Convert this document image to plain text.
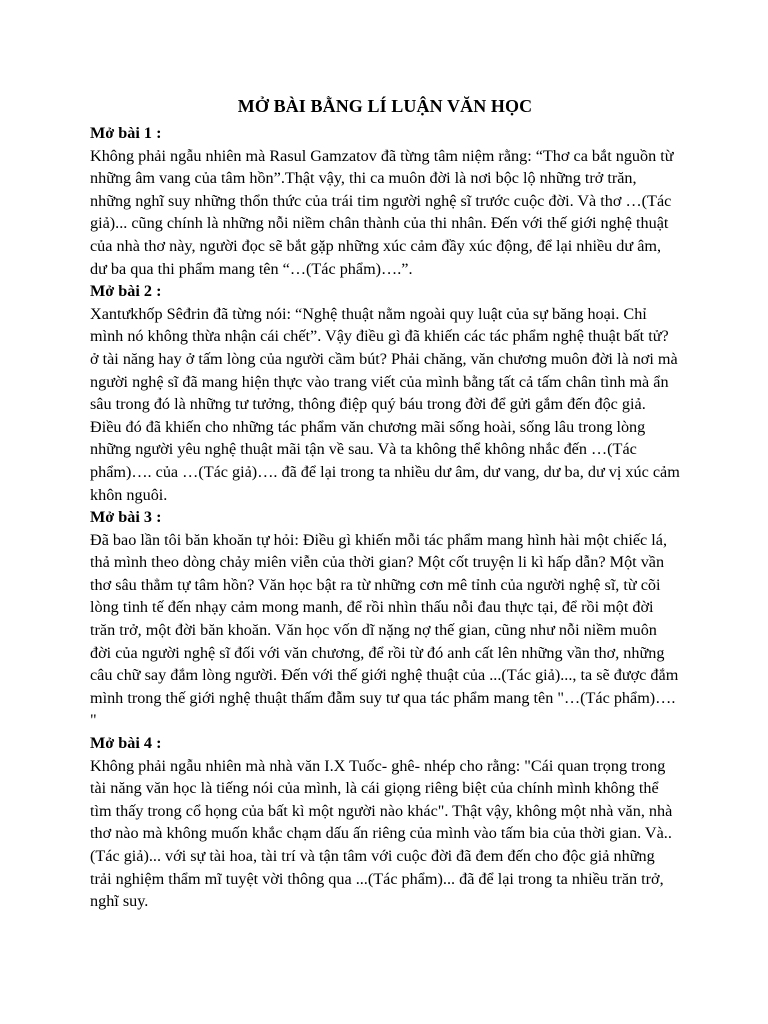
MỞ BÀI BẰNG LÍ LUẬN VĂN HỌC

Mở bài 1 :

Không phải ngẫu nhiên mà Rasul Gamzatov đã từng tâm niệm rằng: “Thơ ca bắt nguồn từ những âm vang của tâm hồn”.Thật vậy, thi ca muôn đời là nơi bộc lộ những trở trăn, những nghĩ suy những thổn thức của trái tim người nghệ sĩ trước cuộc đời. Và thơ …(Tác giả)... cũng chính là những nỗi niềm chân thành của thi nhân. Đến với thế giới nghệ thuật của nhà thơ này, người đọc sẽ bắt gặp những xúc cảm đầy xúc động, để lại nhiều dư âm, dư ba qua thi phẩm mang tên “…(Tác phẩm)….”.

Mở bài 2 :

Xantưkhốp Sêđrin đã từng nói: “Nghệ thuật nằm ngoài quy luật của sự băng hoại. Chỉ mình nó không thừa nhận cái chết”. Vậy điều gì đã khiến các tác phẩm nghệ thuật bất tử? ở tài năng hay ở tấm lòng của người cầm bút? Phải chăng, văn chương muôn đời là nơi mà người nghệ sĩ đã mang hiện thực vào trang viết của mình bằng tất cả tấm chân tình mà ẩn sâu trong đó là những tư tưởng, thông điệp quý báu trong đời để gửi gắm đến độc giả. Điều đó đã khiến cho những tác phẩm văn chương mãi sống hoài, sống lâu trong lòng những người yêu nghệ thuật mãi tận về sau. Và ta không thể không nhắc đến …(Tác phẩm)…. của …(Tác giả)…. đã để lại trong ta nhiều dư âm, dư vang, dư ba, dư vị xúc cảm khôn nguôi.

Mở bài 3 :

Đã bao lần tôi băn khoăn tự hỏi: Điều gì khiến mỗi tác phẩm mang hình hài một chiếc lá, thả mình theo dòng chảy miên viễn của thời gian? Một cốt truyện li kì hấp dẫn? Một vần thơ sâu thẳm tự tâm hồn? Văn học bật ra từ những cơn mê tỉnh của người nghệ sĩ, từ cõi lòng tinh tế đến nhạy cảm mong manh, để rồi nhìn thấu nỗi đau thực tại, để rồi một đời trăn trở, một đời băn khoăn. Văn học vốn dĩ nặng nợ thế gian, cũng như nỗi niềm muôn đời của người nghệ sĩ đối với văn chương, để rồi từ đó anh cất lên những vần thơ, những câu chữ say đắm lòng người. Đến với thế giới nghệ thuật của ...(Tác giả)..., ta sẽ được đắm mình trong thế giới nghệ thuật thấm đẫm suy tư qua tác phẩm mang tên "…(Tác phẩm)…. "

Mở bài 4 :

Không phải ngẫu nhiên mà nhà văn I.X Tuốc- ghê- nhép cho rằng: "Cái quan trọng trong tài năng văn học là tiếng nói của mình, là cái giọng riêng biệt của chính mình không thể tìm thấy trong cổ họng của bất kì một người nào khác". Thật vậy, không một nhà văn, nhà thơ nào mà không muốn khắc chạm dấu ấn riêng của mình vào tấm bia của thời gian. Và..(Tác giả)... với sự tài hoa, tài trí và tận tâm với cuộc đời đã đem đến cho độc giả những trải nghiệm thẩm mĩ tuyệt vời thông qua ...(Tác phẩm)... đã để lại trong ta nhiều trăn trở, nghĩ suy.
